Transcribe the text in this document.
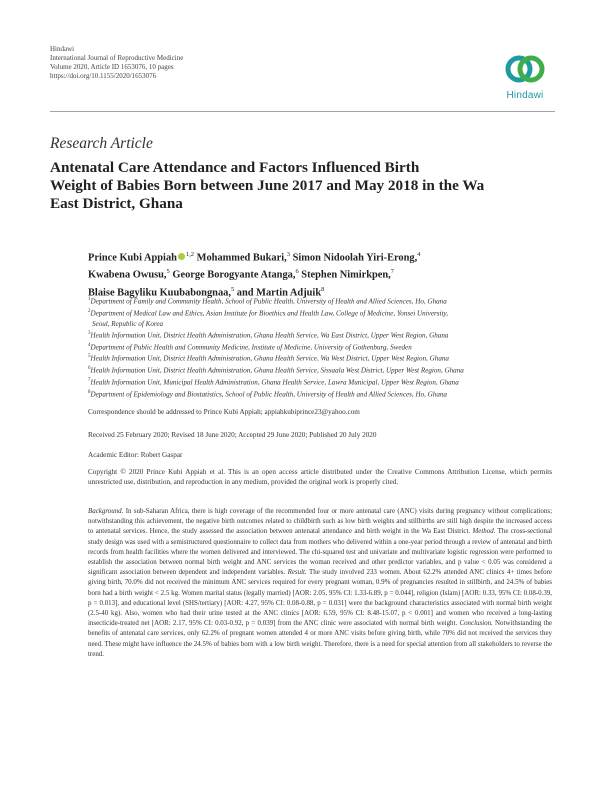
Hindawi
International Journal of Reproductive Medicine
Volume 2020, Article ID 1653076, 10 pages
https://doi.org/10.1155/2020/1653076
Hindawi
Research Article
Antenatal Care Attendance and Factors Influenced Birth
Weight of Babies Born between June 2017 and May 2018 in the Wa
East District, Ghana
Prince Kubi Appiah $^{1,2}$ Mohammed Bukari,$^3$ Simon Nidoolah Yiri-Erong,$^4$
Kwabena Owusu,$^5$ George Borogyante Atanga,$^6$ Stephen Nimirkpen,$^7$
Blaise Bagyliku Kuubabongnaa,$^5$ and Martin Adjuik$^8$
$^1$Department of Family and Community Health, School of Public Health, University of Health and Allied Sciences, Ho, Ghana
$^2$Department of Medical Law and Ethics, Asian Institute for Bioethics and Health Law, College of Medicine, Yonsei University,
Seoul, Republic of Korea
$^3$Health Information Unit, District Health Administration, Ghana Health Service, Wa East District, Upper West Region, Ghana
$^4$Department of Public Health and Community Medicine, Institute of Medicine, University of Gothenburg, Sweden
$^5$Health Information Unit, District Health Administration, Ghana Health Service, Wa West District, Upper West Region, Ghana
$^6$Health Information Unit, District Health Administration, Ghana Health Service, Sissaala West District, Upper West Region, Ghana
$^7$Health Information Unit, Municipal Health Administration, Ghana Health Service, Lawra Municipal, Upper West Region, Ghana
$^8$Department of Epidemiology and Biostatistics, School of Public Health, University of Health and Allied Sciences, Ho, Ghana
Correspondence should be addressed to Prince Kubi Appiah; appiahkubiprince23@yahoo.com
Received 25 February 2020; Revised 18 June 2020; Accepted 29 June 2020; Published 20 July 2020
Academic Editor: Robert Gaspar
Copyright © 2020 Prince Kubi Appiah et al. This is an open access article distributed under the Creative Commons Attribution License, which permits unrestricted use, distribution, and reproduction in any medium, provided the original work is properly cited.
Background. In sub-Saharan Africa, there is high coverage of the recommended four or more antenatal care (ANC) visits during pregnancy without complications; notwithstanding this achievement, the negative birth outcomes related to childbirth such as low birth weights and stillbirths are still high despite the increased access to antenatal services. Hence, the study assessed the association between antenatal attendance and birth weight in the Wa East District. Method. The cross-sectional study design was used with a semistructured questionnaire to collect data from mothers who delivered within a one-year period through a review of antenatal and birth records from health facilities where the women delivered and interviewed. The chi-squared test and univariate and multivariate logistic regression were performed to establish the association between normal birth weight and ANC services the woman received and other predictor variables, and p value < 0.05 was considered a significant association between dependent and independent variables. Result. The study involved 233 women. About 62.2% attended ANC clinics 4+ times before giving birth, 70.0% did not received the minimum ANC services required for every pregnant woman, 0.9% of pregnancies resulted in stillbirth, and 24.5% of babies born had a birth weight < 2.5 kg. Women marital status (legally married) [AOR: 2.05, 95% CI: 1.33-6.89, p = 0.044], religion (Islam) [AOR: 0.33, 95% CI: 0.08-0.39, p = 0.013], and educational level (SHS/tertiary) [AOR: 4.27, 95% CI: 0.08-0.88, p = 0.031] were the background characteristics associated with normal birth weight (2.5-40 kg). Also, women who had their urine tested at the ANC clinics [AOR: 6.59, 95% CI: 8.48-15.07, p < 0.001] and women who received a long-lasting insecticide-treated net [AOR: 2.17, 95% CI: 0.03-0.92, p = 0.039] from the ANC clinic were associated with normal birth weight. Conclusion. Notwithstanding the benefits of antenatal care services, only 62.2% of pregnant women attended 4 or more ANC visits before giving birth, while 70% did not received the services they need. These might have influence the 24.5% of babies born with a low birth weight. Therefore, there is a need for special attention from all stakeholders to reverse the trend.
